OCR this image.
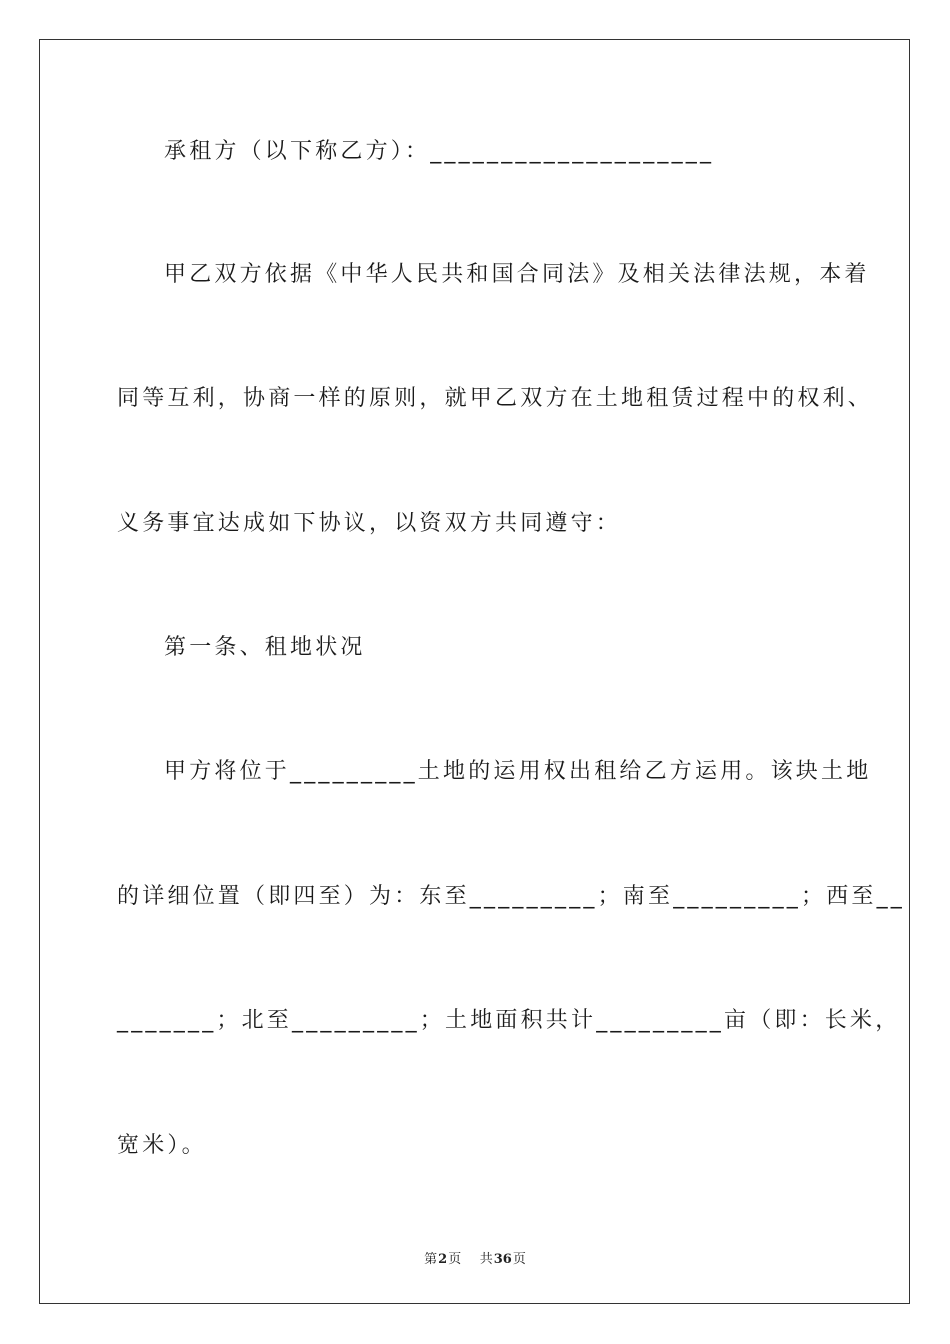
承租方（以下称乙方）：____________________
甲乙双方依据《中华人民共和国合同法》及相关法律法规，本着
同等互利，协商一样的原则，就甲乙双方在土地租赁过程中的权利、
义务事宜达成如下协议，以资双方共同遵守：
第一条、租地状况
甲方将位于_________土地的运用权出租给乙方运用。该块土地
的详细位置（即四至）为：东至_________；南至_________；西至__
_______；北至_________；土地面积共计_________亩（即：长米，
宽米）。
第2页 共36页
